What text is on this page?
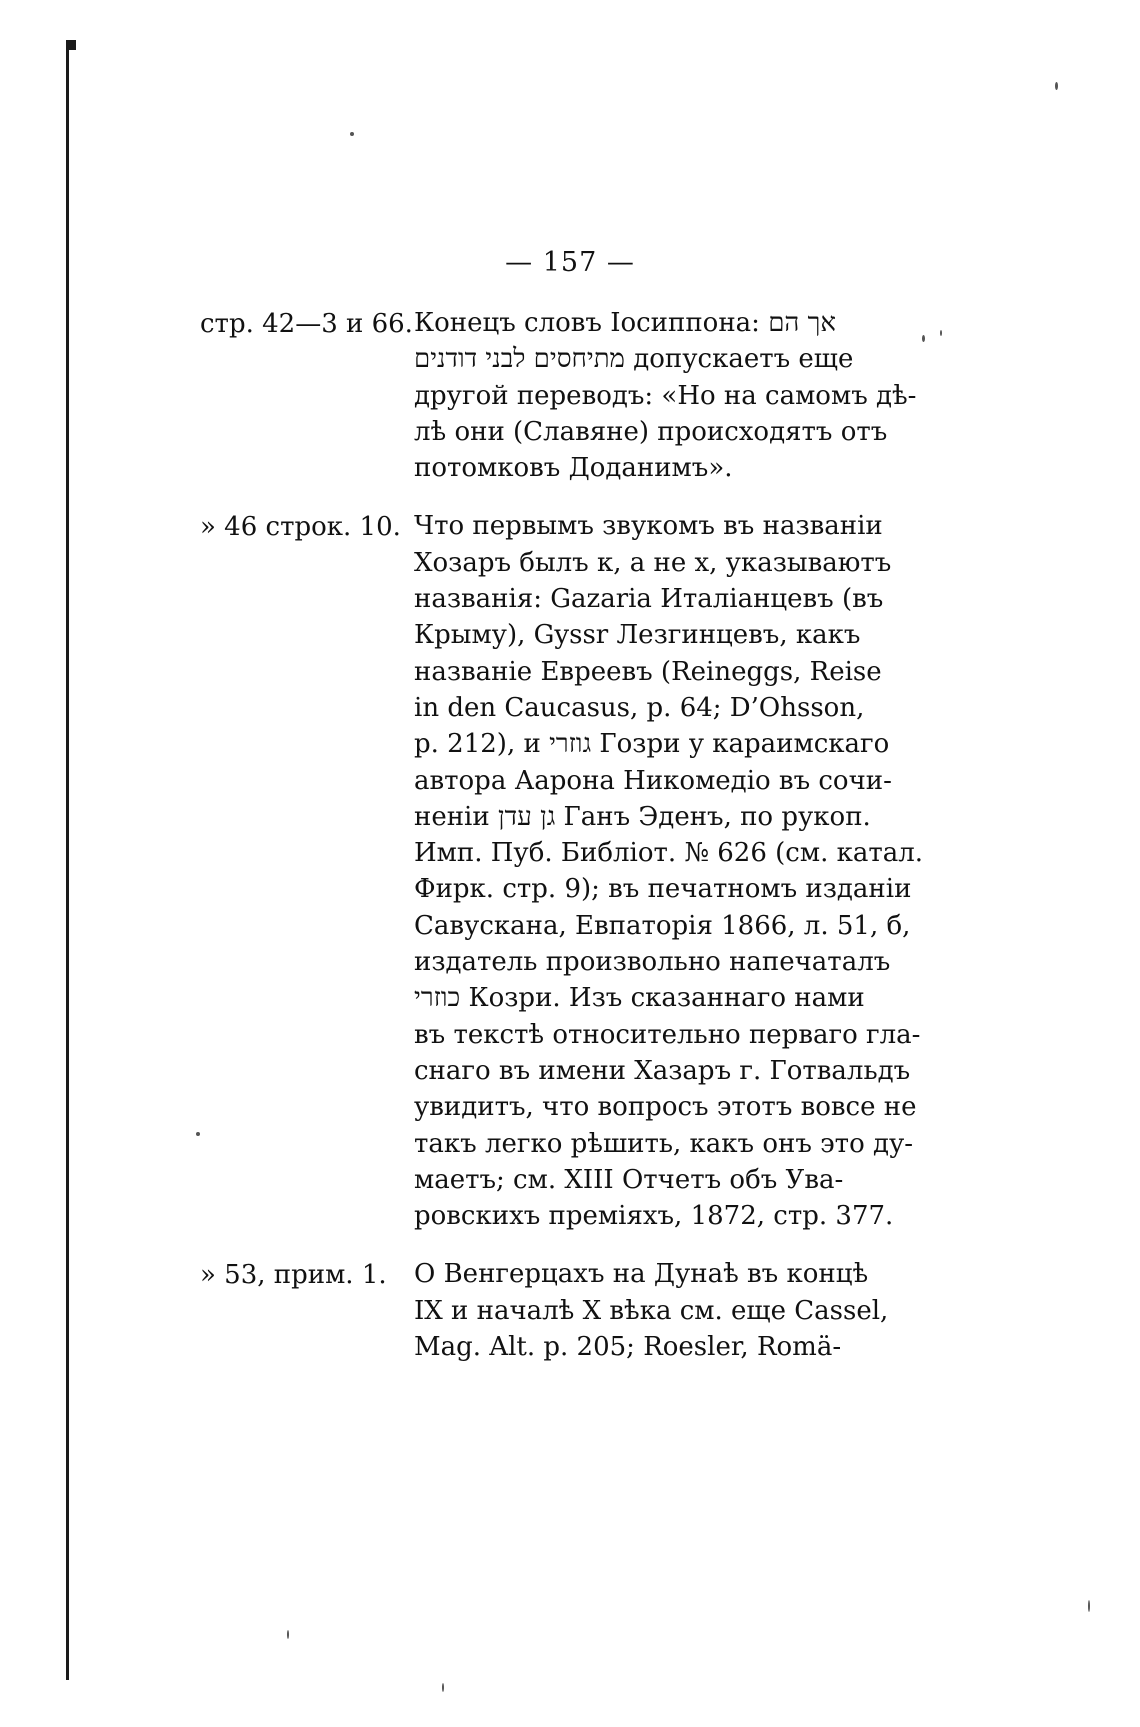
— 157 —
стр. 42—3 и 66. Конецъ словъ Іосиппона: אך הם
מתיחסים לבני דודנים допускаетъ еще
другой переводъ: «Но на самомъ дѣ-
лѣ они (Славяне) происходятъ отъ
потомковъ Доданимъ».
» 46 строк. 10. Что первымъ звукомъ въ названіи
Хозаръ былъ к, а не х, указываютъ
названія: Gazaria Италіанцевъ (въ
Крыму), Gyssr Лезгинцевъ, какъ
названіе Евреевъ (Reineggs, Reise
in den Caucasus, p. 64; D’Ohsson,
p. 212), и גוזרי Гозри у караимскаго
автора Аарона Никомедіо въ сочи-
неніи גן עדן Ганъ Эденъ, по рукоп.
Имп. Пуб. Библіот. № 626 (см. катал.
Фирк. стр. 9); въ печатномъ изданіи
Савускана, Евпаторія 1866, л. 51, б,
издатель произвольно напечаталъ
כוזרי Козри. Изъ сказаннаго нами
въ текстѣ относительно перваго гла-
снаго въ имени Хазаръ г. Готвальдъ
увидитъ, что вопросъ этотъ вовсе не
такъ легко рѣшить, какъ онъ это ду-
маетъ; см. XIII Отчетъ объ Ува-
ровскихъ преміяхъ, 1872, стр. 377.
» 53, прим. 1. О Венгерцахъ на Дунаѣ въ концѣ
IX и началѣ X вѣка см. еще Cassel,
Mag. Alt. p. 205; Roesler, Romä-
